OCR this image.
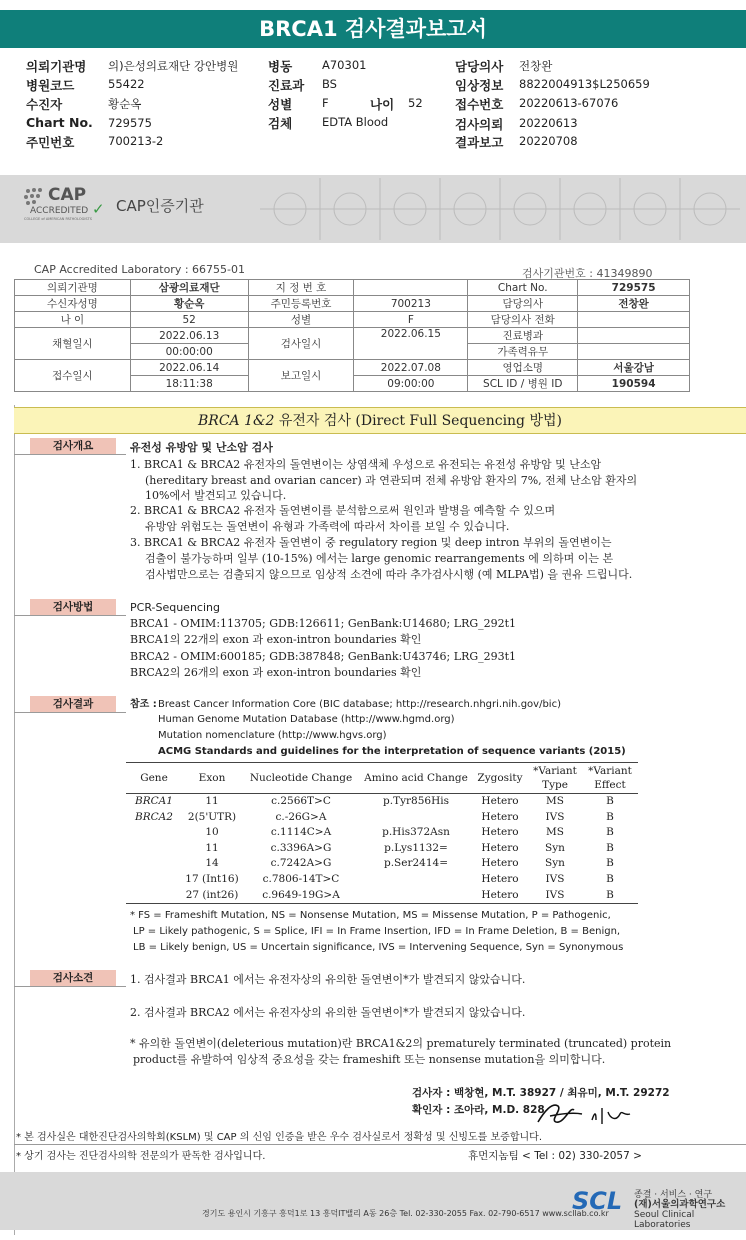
BRCA1 검사결과보고서
의뢰기관명 의)은성의료재단 강안병원 병동	A70301	담당의사 전창완
병원코드	55422	진료과 BS	임상정보 8822004913$L250659
수진자	황순옥	성별	F	나이 52	접수번호 20220613-67076
Chart No. 729575	검체	EDTA Blood	검사의뢰 20220613
주민번호	700213-2	결과보고 20220708
CAP
ACCREDITED ✓
COLLEGE of AMERICAN PATHOLOGISTS
CAP인증기관
CAP Accredited Laboratory : 66755-01	검사기관번호 : 41349890
의뢰기관명	삼광의료재단	지 정 번 호		Chart No.	729575
수신자성명	황순옥	주민등록번호	700213	담당의사	전창완
나 이	52	성별	F	담당의사 전화	
채혈일시	2022.06.13	검사일시	2022.06.15	진료병과	
	00:00:00			가족력유무	
접수일시	2022.06.14	보고일시	2022.07.08	영업소명	서울강남
	18:11:38		09:00:00	SCL ID / 병원 ID	190594
BRCA 1&2 유전자 검사 (Direct Full Sequencing 방법)
검사개요	유전성 유방암 및 난소암 검사
1. BRCA1 & BRCA2 유전자의 돌연변이는 상염색체 우성으로 유전되는 유전성 유방암 및 난소암
(hereditary breast and ovarian cancer) 과 연관되며 전체 유방암 환자의 7%, 전체 난소암 환자의
10%에서 발견되고 있습니다.
2. BRCA1 & BRCA2 유전자 돌연변이를 분석함으로써 원인과 발병을 예측할 수 있으며
유방암 위험도는 돌연변이 유형과 가족력에 따라서 차이를 보일 수 있습니다.
3. BRCA1 & BRCA2 유전자 돌연변이 중 regulatory region 및 deep intron 부위의 돌연변이는
검출이 불가능하며 일부 (10-15%) 에서는 large genomic rearrangements 에 의하며 이는 본
검사법만으로는 검출되지 않으므로 임상적 소견에 따라 추가검사시행 (예 MLPA법) 을 권유 드립니다.
검사방법	PCR-Sequencing
BRCA1 - OMIM:113705; GDB:126611; GenBank:U14680; LRG_292t1
BRCA1의 22개의 exon 과 exon-intron boundaries 확인
BRCA2 - OMIM:600185; GDB:387848; GenBank:U43746; LRG_293t1
BRCA2의 26개의 exon 과 exon-intron boundaries 확인
검사결과	참조 : Breast Cancer Information Core (BIC database; http://research.nhgri.nih.gov/bic)
Human Genome Mutation Database (http://www.hgmd.org)
Mutation nomenclature (http://www.hgvs.org)
ACMG Standards and guidelines for the interpretation of sequence variants (2015)
Gene	Exon	Nucleotide Change	Amino acid Change	Zygosity	*Variant Type	*Variant Effect
BRCA1	11	c.2566T>C	p.Tyr856His	Hetero	MS	B
BRCA2	2(5'UTR)	c.-26G>A		Hetero	IVS	B
	10	c.1114C>A	p.His372Asn	Hetero	MS	B
	11	c.3396A>G	p.Lys1132=	Hetero	Syn	B
	14	c.7242A>G	p.Ser2414=	Hetero	Syn	B
	17 (Int16)	c.7806-14T>C		Hetero	IVS	B
	27 (int26)	c.9649-19G>A		Hetero	IVS	B
* FS = Frameshift Mutation, NS = Nonsense Mutation, MS = Missense Mutation, P = Pathogenic,
LP = Likely pathogenic, S = Splice, IFI = In Frame Insertion, IFD = In Frame Deletion, B = Benign,
LB = Likely benign, US = Uncertain significance, IVS = Intervening Sequence, Syn = Synonymous
검사소견	1. 검사결과 BRCA1 에서는 유전자상의 유의한 돌연변이*가 발견되지 않았습니다.
2. 검사결과 BRCA2 에서는 유전자상의 유의한 돌연변이*가 발견되지 않았습니다.
* 유의한 돌연변이(deleterious mutation)란 BRCA1&2의 prematurely terminated (truncated) protein
product를 유발하여 임상적 중요성을 갖는 frameshift 또는 nonsense mutation을 의미합니다.
검사자 : 백창현, M.T. 38927 / 최유미, M.T. 29272
확인자 : 조아라, M.D. 828
* 본 검사실은 대한진단검사의학회(KSLM) 및 CAP 의 신임 인증을 받은 우수 검사실로서 정확성 및 신빙도를 보증합니다.
* 상기 검사는 진단검사의학 전문의가 판독한 검사입니다.	휴먼지놈팀 < Tel : 02) 330-2057 >
경기도 용인시 기흥구 흥덕1로 13 흥덕IT밸리 A동 26층 Tel. 02-330-2055 Fax. 02-790-6517 www.scllab.co.kr
SCL 종결 · 서비스 · 연구
(재)서울의과학연구소
Seoul Clinical Laboratories
